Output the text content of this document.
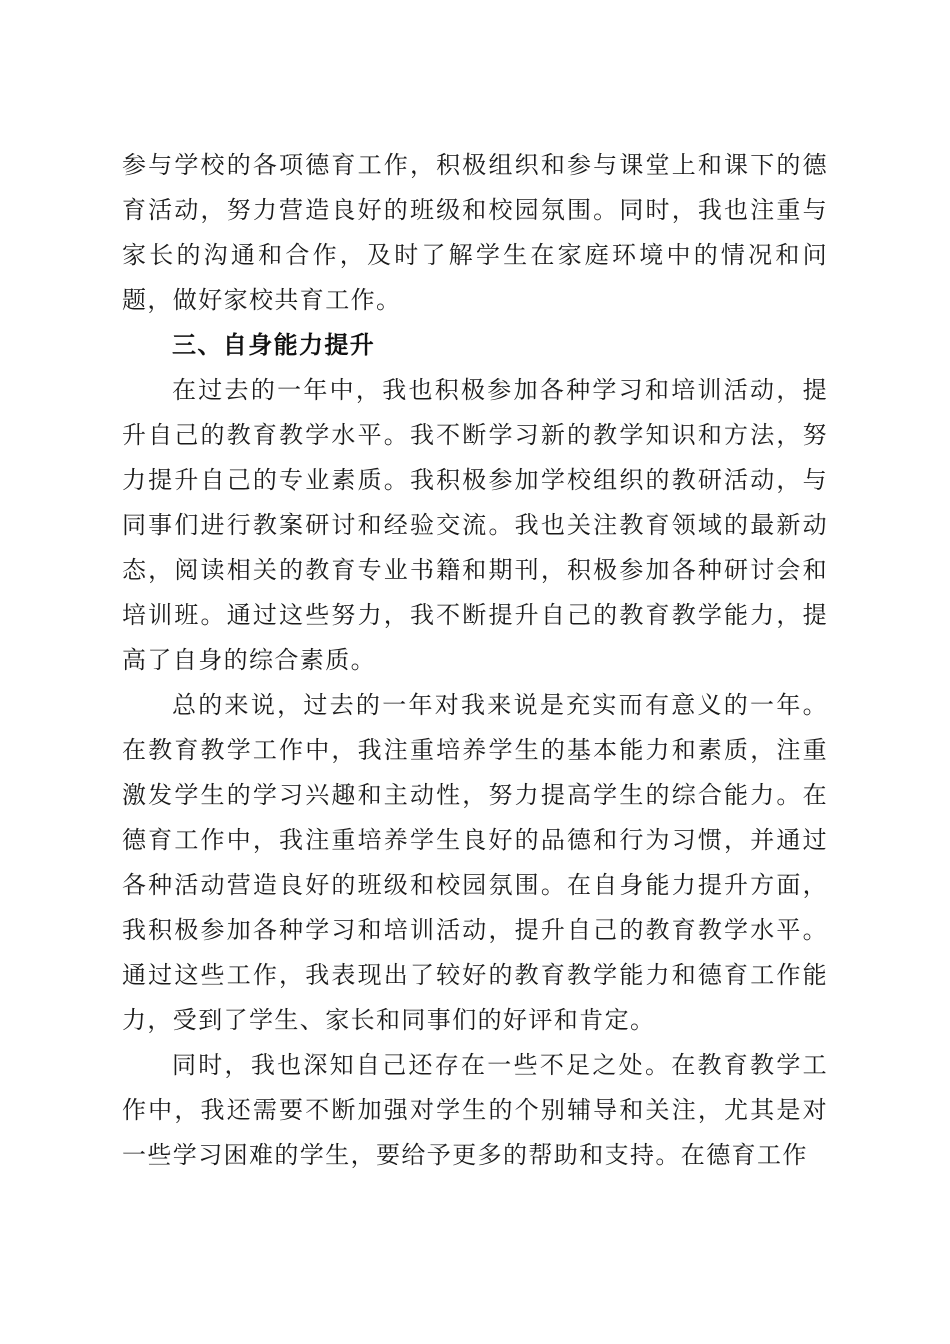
参与学校的各项德育工作，积极组织和参与课堂上和课下的德育活动，努力营造良好的班级和校园氛围。同时，我也注重与家长的沟通和合作，及时了解学生在家庭环境中的情况和问题，做好家校共育工作。

三、自身能力提升

在过去的一年中，我也积极参加各种学习和培训活动，提升自己的教育教学水平。我不断学习新的教学知识和方法，努力提升自己的专业素质。我积极参加学校组织的教研活动，与同事们进行教案研讨和经验交流。我也关注教育领域的最新动态，阅读相关的教育专业书籍和期刊，积极参加各种研讨会和培训班。通过这些努力，我不断提升自己的教育教学能力，提高了自身的综合素质。

总的来说，过去的一年对我来说是充实而有意义的一年。在教育教学工作中，我注重培养学生的基本能力和素质，注重激发学生的学习兴趣和主动性，努力提高学生的综合能力。在德育工作中，我注重培养学生良好的品德和行为习惯，并通过各种活动营造良好的班级和校园氛围。在自身能力提升方面，我积极参加各种学习和培训活动，提升自己的教育教学水平。通过这些工作，我表现出了较好的教育教学能力和德育工作能力，受到了学生、家长和同事们的好评和肯定。

同时，我也深知自己还存在一些不足之处。在教育教学工作中，我还需要不断加强对学生的个别辅导和关注，尤其是对一些学习困难的学生，要给予更多的帮助和支持。在德育工作
